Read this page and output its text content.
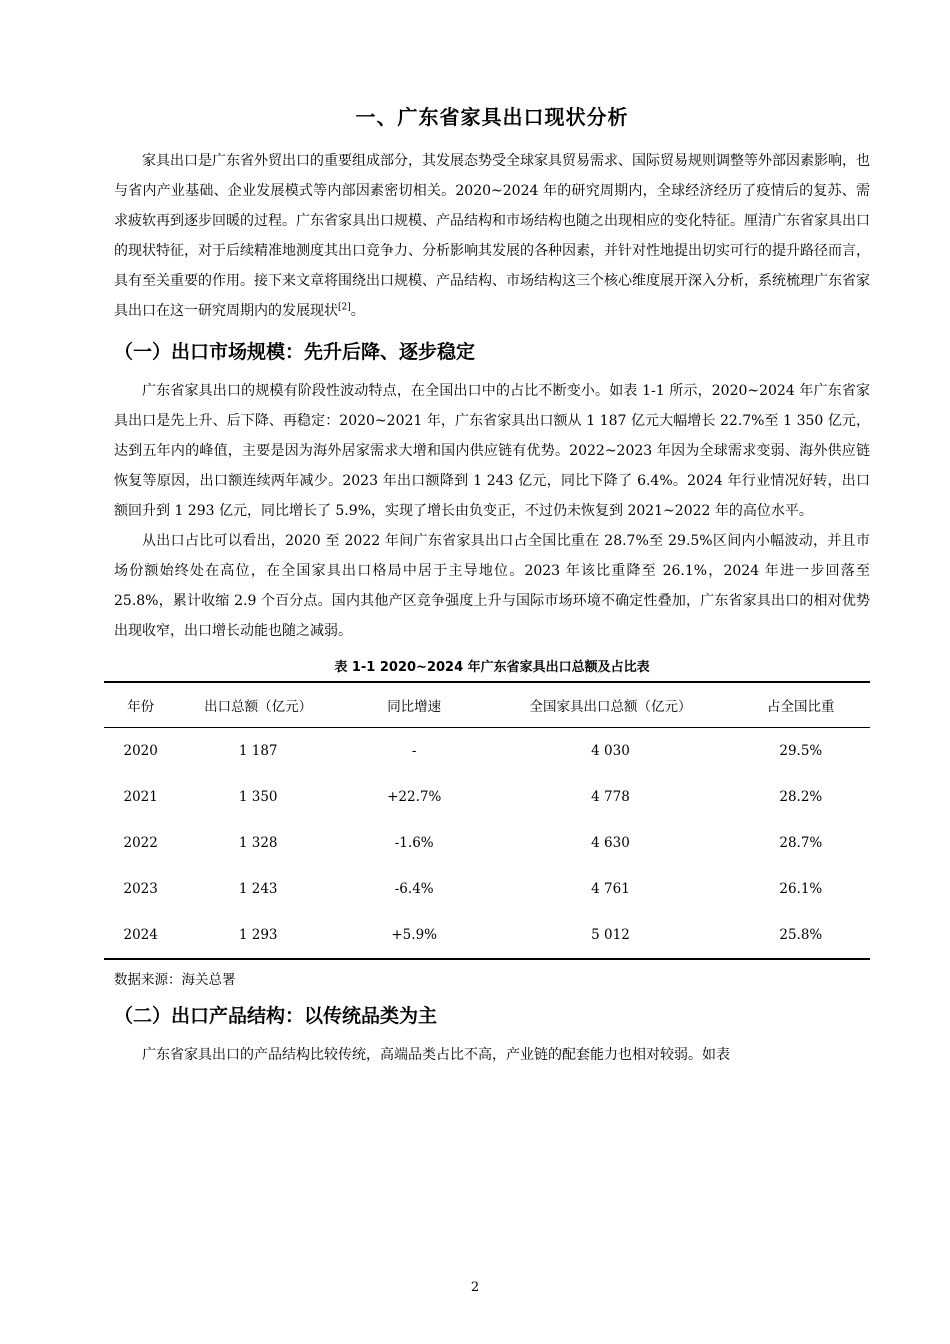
一、广东省家具出口现状分析

家具出口是广东省外贸出口的重要组成部分，其发展态势受全球家具贸易需求、国际贸易规则调整等外部因素影响，也与省内产业基础、企业发展模式等内部因素密切相关。2020~2024 年的研究周期内，全球经济经历了疫情后的复苏、需求疲软再到逐步回暖的过程。广东省家具出口规模、产品结构和市场结构也随之出现相应的变化特征。厘清广东省家具出口的现状特征，对于后续精准地测度其出口竞争力、分析影响其发展的各种因素，并针对性地提出切实可行的提升路径而言，具有至关重要的作用。接下来文章将围绕出口规模、产品结构、市场结构这三个核心维度展开深入分析，系统梳理广东省家具出口在这一研究周期内的发展现状[2]。

（一）出口市场规模：先升后降、逐步稳定

广东省家具出口的规模有阶段性波动特点，在全国出口中的占比不断变小。如表 1-1 所示，2020~2024 年广东省家具出口是先上升、后下降、再稳定：2020~2021 年，广东省家具出口额从 1 187 亿元大幅增长 22.7%至 1 350 亿元，达到五年内的峰值，主要是因为海外居家需求大增和国内供应链有优势。2022~2023 年因为全球需求变弱、海外供应链恢复等原因，出口额连续两年减少。2023 年出口额降到 1 243 亿元，同比下降了 6.4%。2024 年行业情况好转，出口额回升到 1 293 亿元，同比增长了 5.9%，实现了增长由负变正，不过仍未恢复到 2021~2022 年的高位水平。

从出口占比可以看出，2020 至 2022 年间广东省家具出口占全国比重在 28.7%至 29.5%区间内小幅波动，并且市场份额始终处在高位，在全国家具出口格局中居于主导地位。2023 年该比重降至 26.1%，2024 年进一步回落至 25.8%，累计收缩 2.9 个百分点。国内其他产区竞争强度上升与国际市场环境不确定性叠加，广东省家具出口的相对优势出现收窄，出口增长动能也随之减弱。

表 1-1 2020~2024 年广东省家具出口总额及占比表
年份	出口总额（亿元）	同比增速	全国家具出口总额（亿元）	占全国比重
2020	1 187	-	4 030	29.5%
2021	1 350	+22.7%	4 778	28.2%
2022	1 328	-1.6%	4 630	28.7%
2023	1 243	-6.4%	4 761	26.1%
2024	1 293	+5.9%	5 012	25.8%
数据来源：海关总署
（二）出口产品结构：以传统品类为主

广东省家具出口的产品结构比较传统，高端品类占比不高，产业链的配套能力也相对较弱。如表

2
